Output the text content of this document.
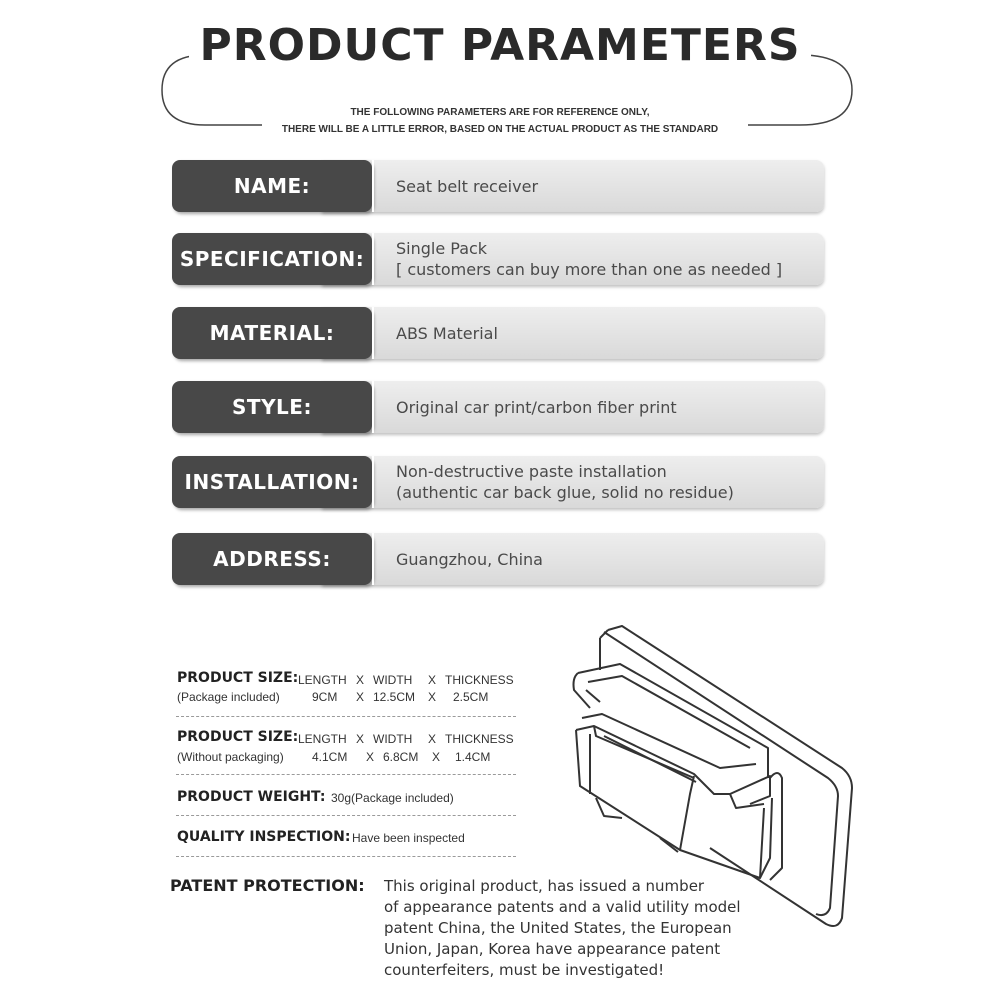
PRODUCT PARAMETERS
THE FOLLOWING PARAMETERS ARE FOR REFERENCE ONLY,
THERE WILL BE A LITTLE ERROR, BASED ON THE ACTUAL PRODUCT AS THE STANDARD
NAME:	Seat belt receiver
SPECIFICATION: Single Pack
[ customers can buy more than one as needed ]
MATERIAL:	ABS Material
STYLE:	Original car print/carbon fiber print
INSTALLATION: Non-destructive paste installation
(authentic car back glue, solid no residue)
ADDRESS:	Guangzhou, China
PRODUCT SIZE: LENGTH X WIDTH X THICKNESS
(Package included)	9CM X 12.5CM X 2.5CM
PRODUCT SIZE: LENGTH X WIDTH X THICKNESS
(Without packaging) 4.1CM X 6.8CM X 1.4CM
PRODUCT WEIGHT: 30g(Package included)
QUALITY INSPECTION: Have been inspected
PATENT PROTECTION: This original product, has issued a number
of appearance patents and a valid utility model
patent China, the United States, the European
Union, Japan, Korea have appearance patent
counterfeiters, must be investigated!
